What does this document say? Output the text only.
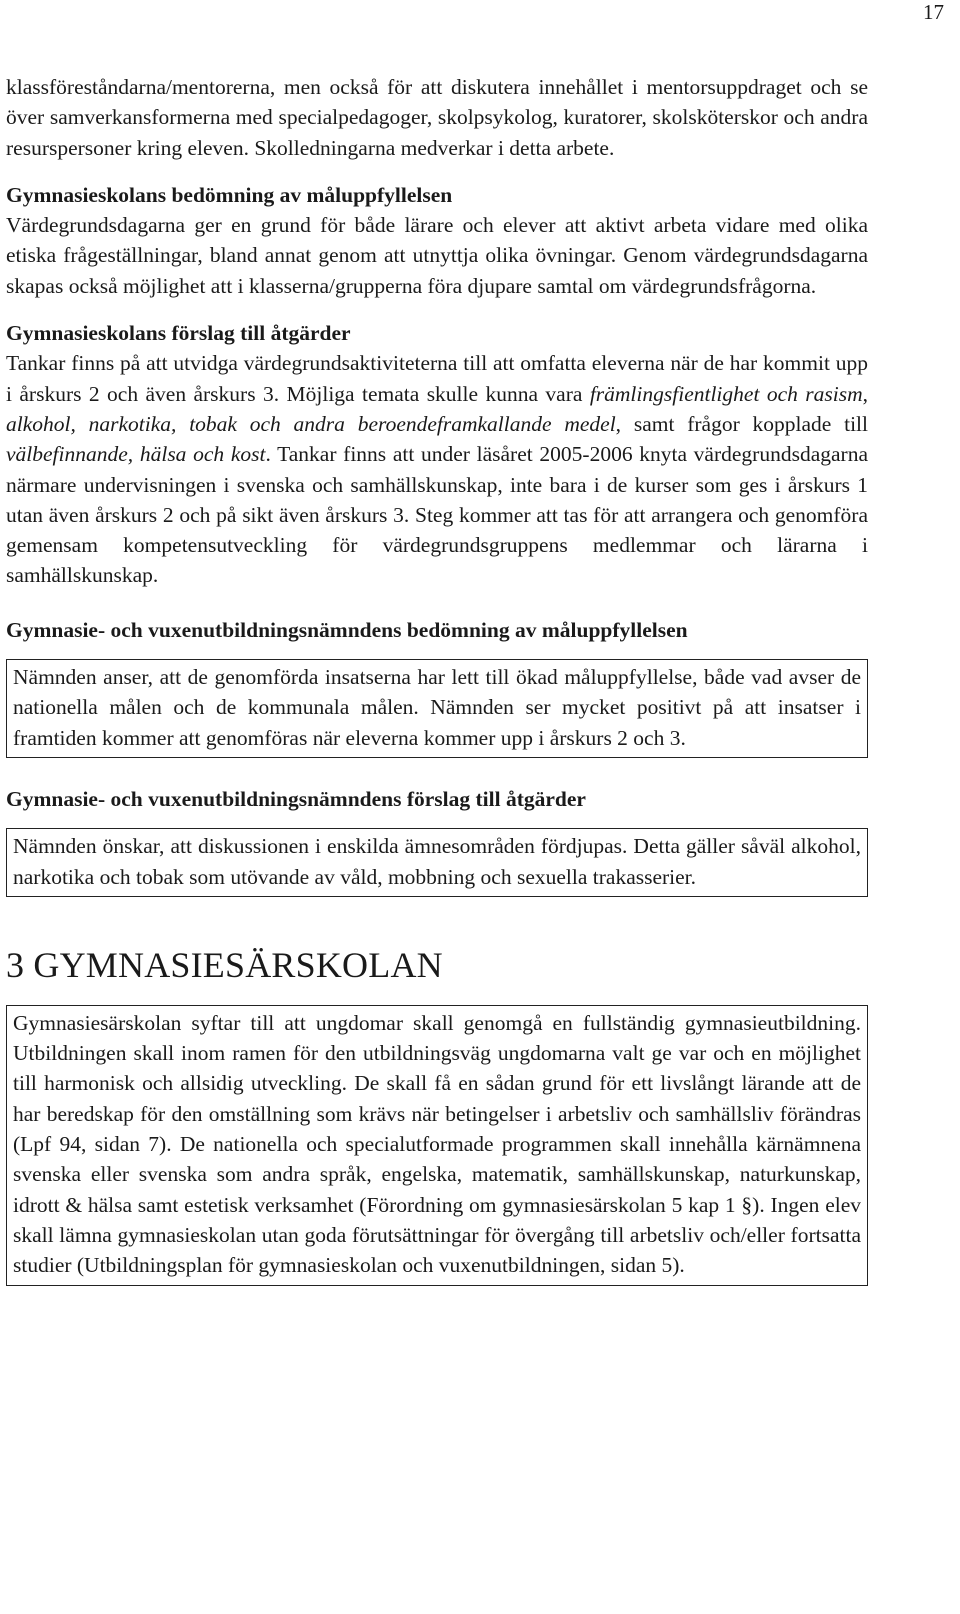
17

klassföreståndarna/mentorerna, men också för att diskutera innehållet i mentorsuppdraget och se över samverkansformerna med specialpedagoger, skolpsykolog, kuratorer, skolsköterskor och andra resurspersoner kring eleven. Skolledningarna medverkar i detta arbete.

Gymnasieskolans bedömning av måluppfyllelsen

Värdegrundsdagarna ger en grund för både lärare och elever att aktivt arbeta vidare med olika etiska frågeställningar, bland annat genom att utnyttja olika övningar. Genom värdegrundsdagarna skapas också möjlighet att i klasserna/grupperna föra djupare samtal om värdegrundsfrågorna.

Gymnasieskolans förslag till åtgärder

Tankar finns på att utvidga värdegrundsaktiviteterna till att omfatta eleverna när de har kommit upp i årskurs 2 och även årskurs 3. Möjliga temata skulle kunna vara främlingsfientlighet och rasism, alkohol, narkotika, tobak och andra beroendeframkallande medel, samt frågor kopplade till välbefinnande, hälsa och kost. Tankar finns att under läsåret 2005-2006 knyta värdegrundsdagarna närmare undervisningen i svenska och samhällskunskap, inte bara i de kurser som ges i årskurs 1 utan även årskurs 2 och på sikt även årskurs 3. Steg kommer att tas för att arrangera och genomföra gemensam kompetensutveckling för värdegrundsgruppens medlemmar och lärarna i samhällskunskap.

Gymnasie- och vuxenutbildningsnämndens bedömning av måluppfyllelsen

Nämnden anser, att de genomförda insatserna har lett till ökad måluppfyllelse, både vad avser de nationella målen och de kommunala målen. Nämnden ser mycket positivt på att insatser i framtiden kommer att genomföras när eleverna kommer upp i årskurs 2 och 3.

Gymnasie- och vuxenutbildningsnämndens förslag till åtgärder

Nämnden önskar, att diskussionen i enskilda ämnesområden fördjupas. Detta gäller såväl alkohol, narkotika och tobak som utövande av våld, mobbning och sexuella trakasserier.

3 GYMNASIESÄRSKOLAN

Gymnasiesärskolan syftar till att ungdomar skall genomgå en fullständig gymnasieutbildning. Utbildningen skall inom ramen för den utbildningsväg ungdomarna valt ge var och en möjlighet till harmonisk och allsidig utveckling. De skall få en sådan grund för ett livslångt lärande att de har beredskap för den omställning som krävs när betingelser i arbetsliv och samhällsliv förändras (Lpf 94, sidan 7). De nationella och specialutformade programmen skall innehålla kärnämnena svenska eller svenska som andra språk, engelska, matematik, samhällskunskap, naturkunskap, idrott & hälsa samt estetisk verksamhet (Förordning om gymnasiesärskolan 5 kap 1 §). Ingen elev skall lämna gymnasieskolan utan goda förutsättningar för övergång till arbetsliv och/eller fortsatta studier (Utbildningsplan för gymnasieskolan och vuxenutbildningen, sidan 5).
